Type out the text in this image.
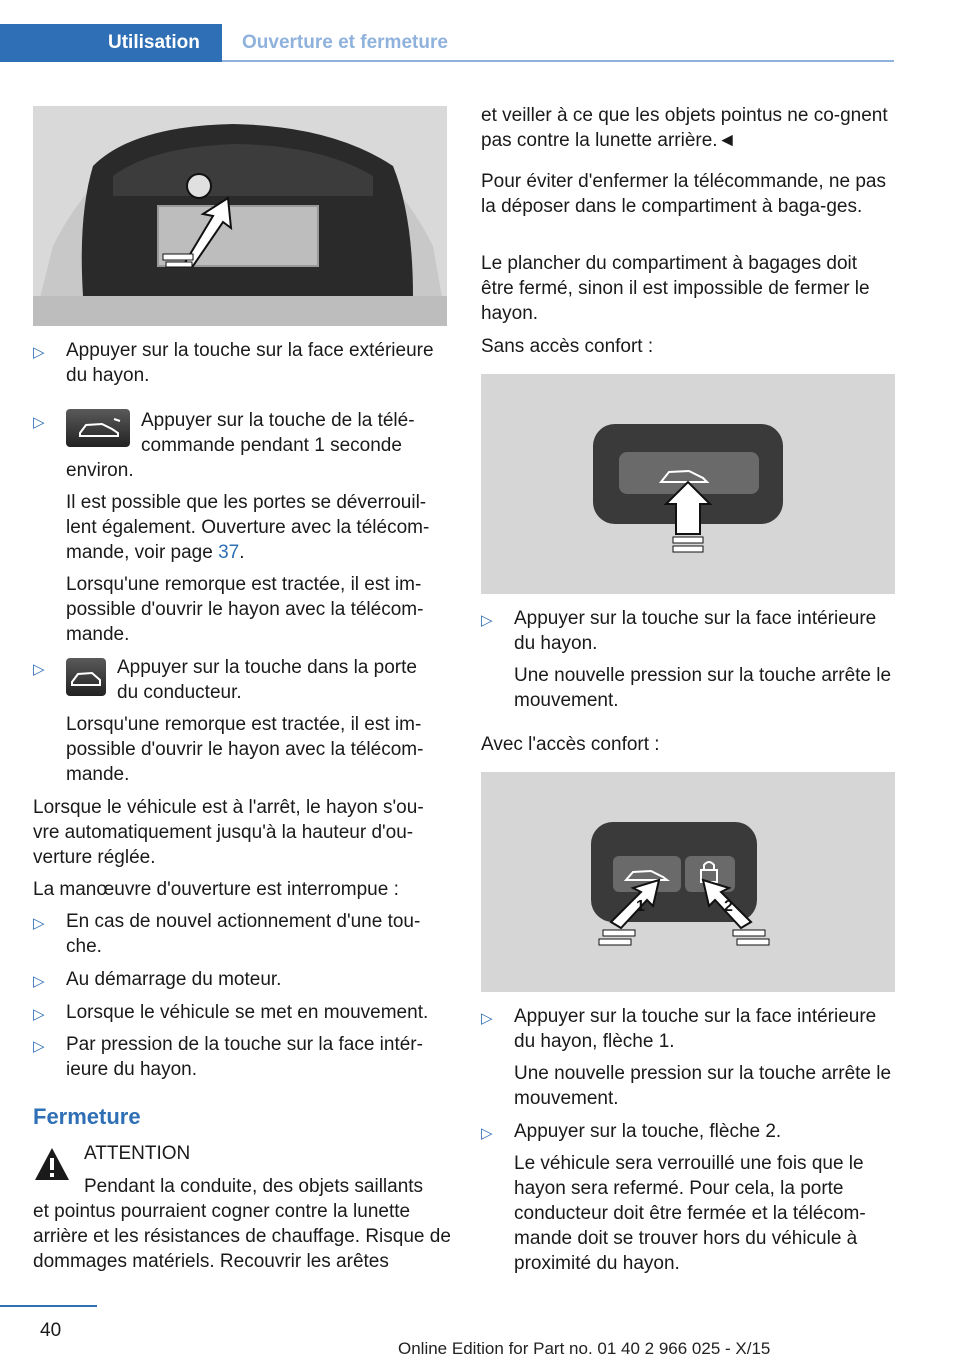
Utilisation	Ouverture et fermeture
▷ Appuyer sur la touche sur la face extérieure du hayon.

▷	Appuyer sur la touche de la télé-

commande pendant 1 seconde

environ.

Il est possible que les portes se déverrouil-lent également. Ouverture avec la télécom-mande, voir page 37.

Lorsqu'une remorque est tractée, il est im-possible d'ouvrir le hayon avec la télécom-mande.

▷	Appuyer sur la touche dans la porte

du conducteur.

Lorsqu'une remorque est tractée, il est im-possible d'ouvrir le hayon avec la télécom-mande.

Lorsque le véhicule est à l'arrêt, le hayon s'ou-vre automatiquement jusqu'à la hauteur d'ou-verture réglée.

La manœuvre d'ouverture est interrompue :

▷ En cas de nouvel actionnement d'une tou-che.

▷ Au démarrage du moteur.

▷ Lorsque le véhicule se met en mouvement.

▷ Par pression de la touche sur la face intér-ieure du hayon.

Fermeture

ATTENTION

Pendant la conduite, des objets saillants

et pointus pourraient cogner contre la lunette arrière et les résistances de chauffage. Risque de dommages matériels. Recouvrir les arêtes

et veiller à ce que les objets pointus ne co-gnent pas contre la lunette arrière.◄

Pour éviter d'enfermer la télécommande, ne pas la déposer dans le compartiment à baga-ges.

Le plancher du compartiment à bagages doit être fermé, sinon il est impossible de fermer le hayon.

Sans accès confort :

▷ Appuyer sur la touche sur la face intérieure du hayon.

Une nouvelle pression sur la touche arrête le mouvement.

Avec l'accès confort :

1	2
▷ Appuyer sur la touche sur la face intérieure du hayon, flèche 1.

Une nouvelle pression sur la touche arrête le mouvement.

▷ Appuyer sur la touche, flèche 2.

Le véhicule sera verrouillé une fois que le hayon sera refermé. Pour cela, la porte conducteur doit être fermée et la télécom-mande doit se trouver hors du véhicule à proximité du hayon.

40
Online Edition for Part no. 01 40 2 966 025 - X/15
